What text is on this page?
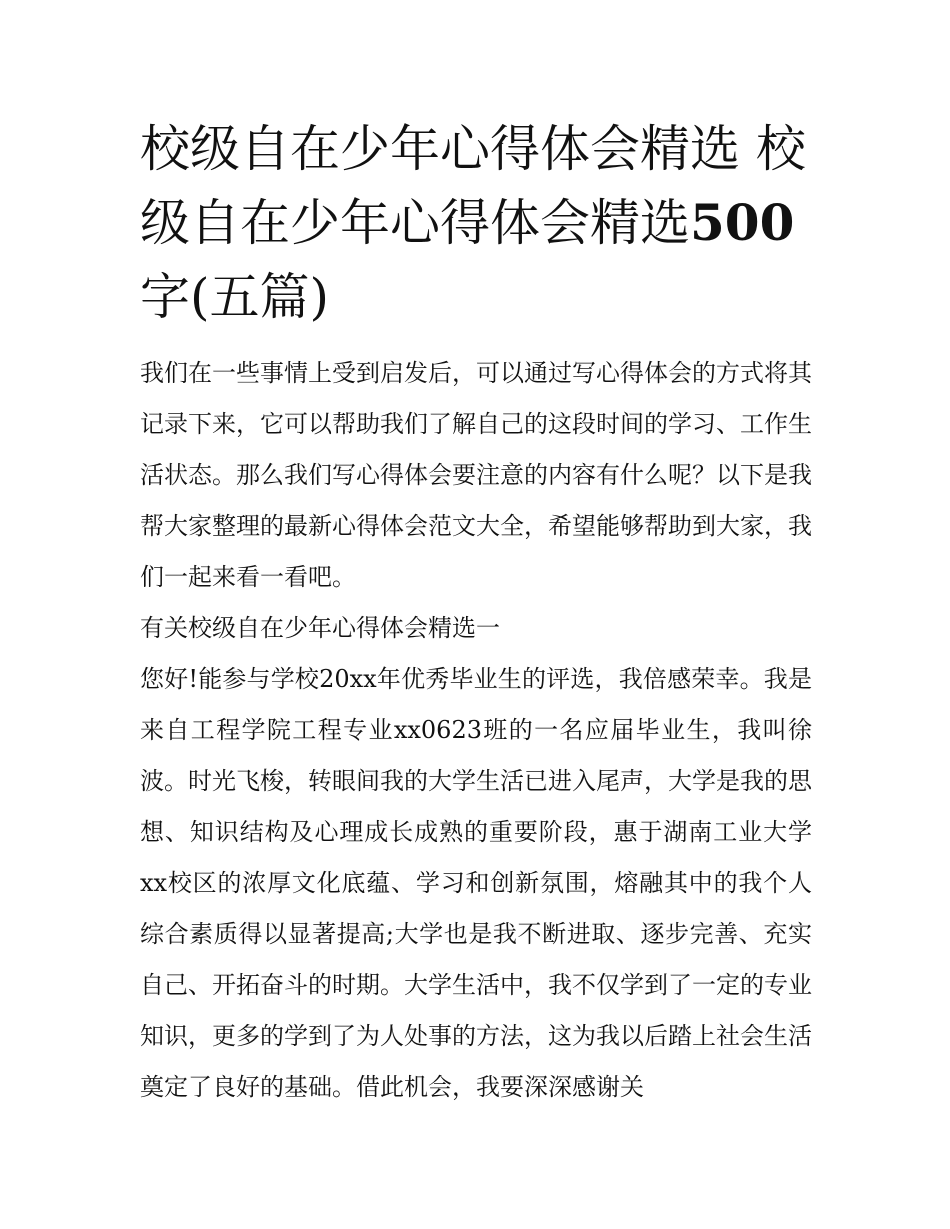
校级自在少年心得体会精选 校
级自在少年心得体会精选500
字(五篇)

我们在一些事情上受到启发后，可以通过写心得体会的方式将其记录下来，它可以帮助我们了解自己的这段时间的学习、工作生活状态。那么我们写心得体会要注意的内容有什么呢？以下是我帮大家整理的最新心得体会范文大全，希望能够帮助到大家，我们一起来看一看吧。

有关校级自在少年心得体会精选一

您好!能参与学校20xx年优秀毕业生的评选，我倍感荣幸。我是来自工程学院工程专业xx0623班的一名应届毕业生，我叫徐波。时光飞梭，转眼间我的大学生活已进入尾声，大学是我的思想、知识结构及心理成长成熟的重要阶段，惠于湖南工业大学xx校区的浓厚文化底蕴、学习和创新氛围，熔融其中的我个人综合素质得以显著提高;大学也是我不断进取、逐步完善、充实自己、开拓奋斗的时期。大学生活中，我不仅学到了一定的专业知识，更多的学到了为人处事的方法，这为我以后踏上社会生活奠定了良好的基础。借此机会，我要深深感谢关
